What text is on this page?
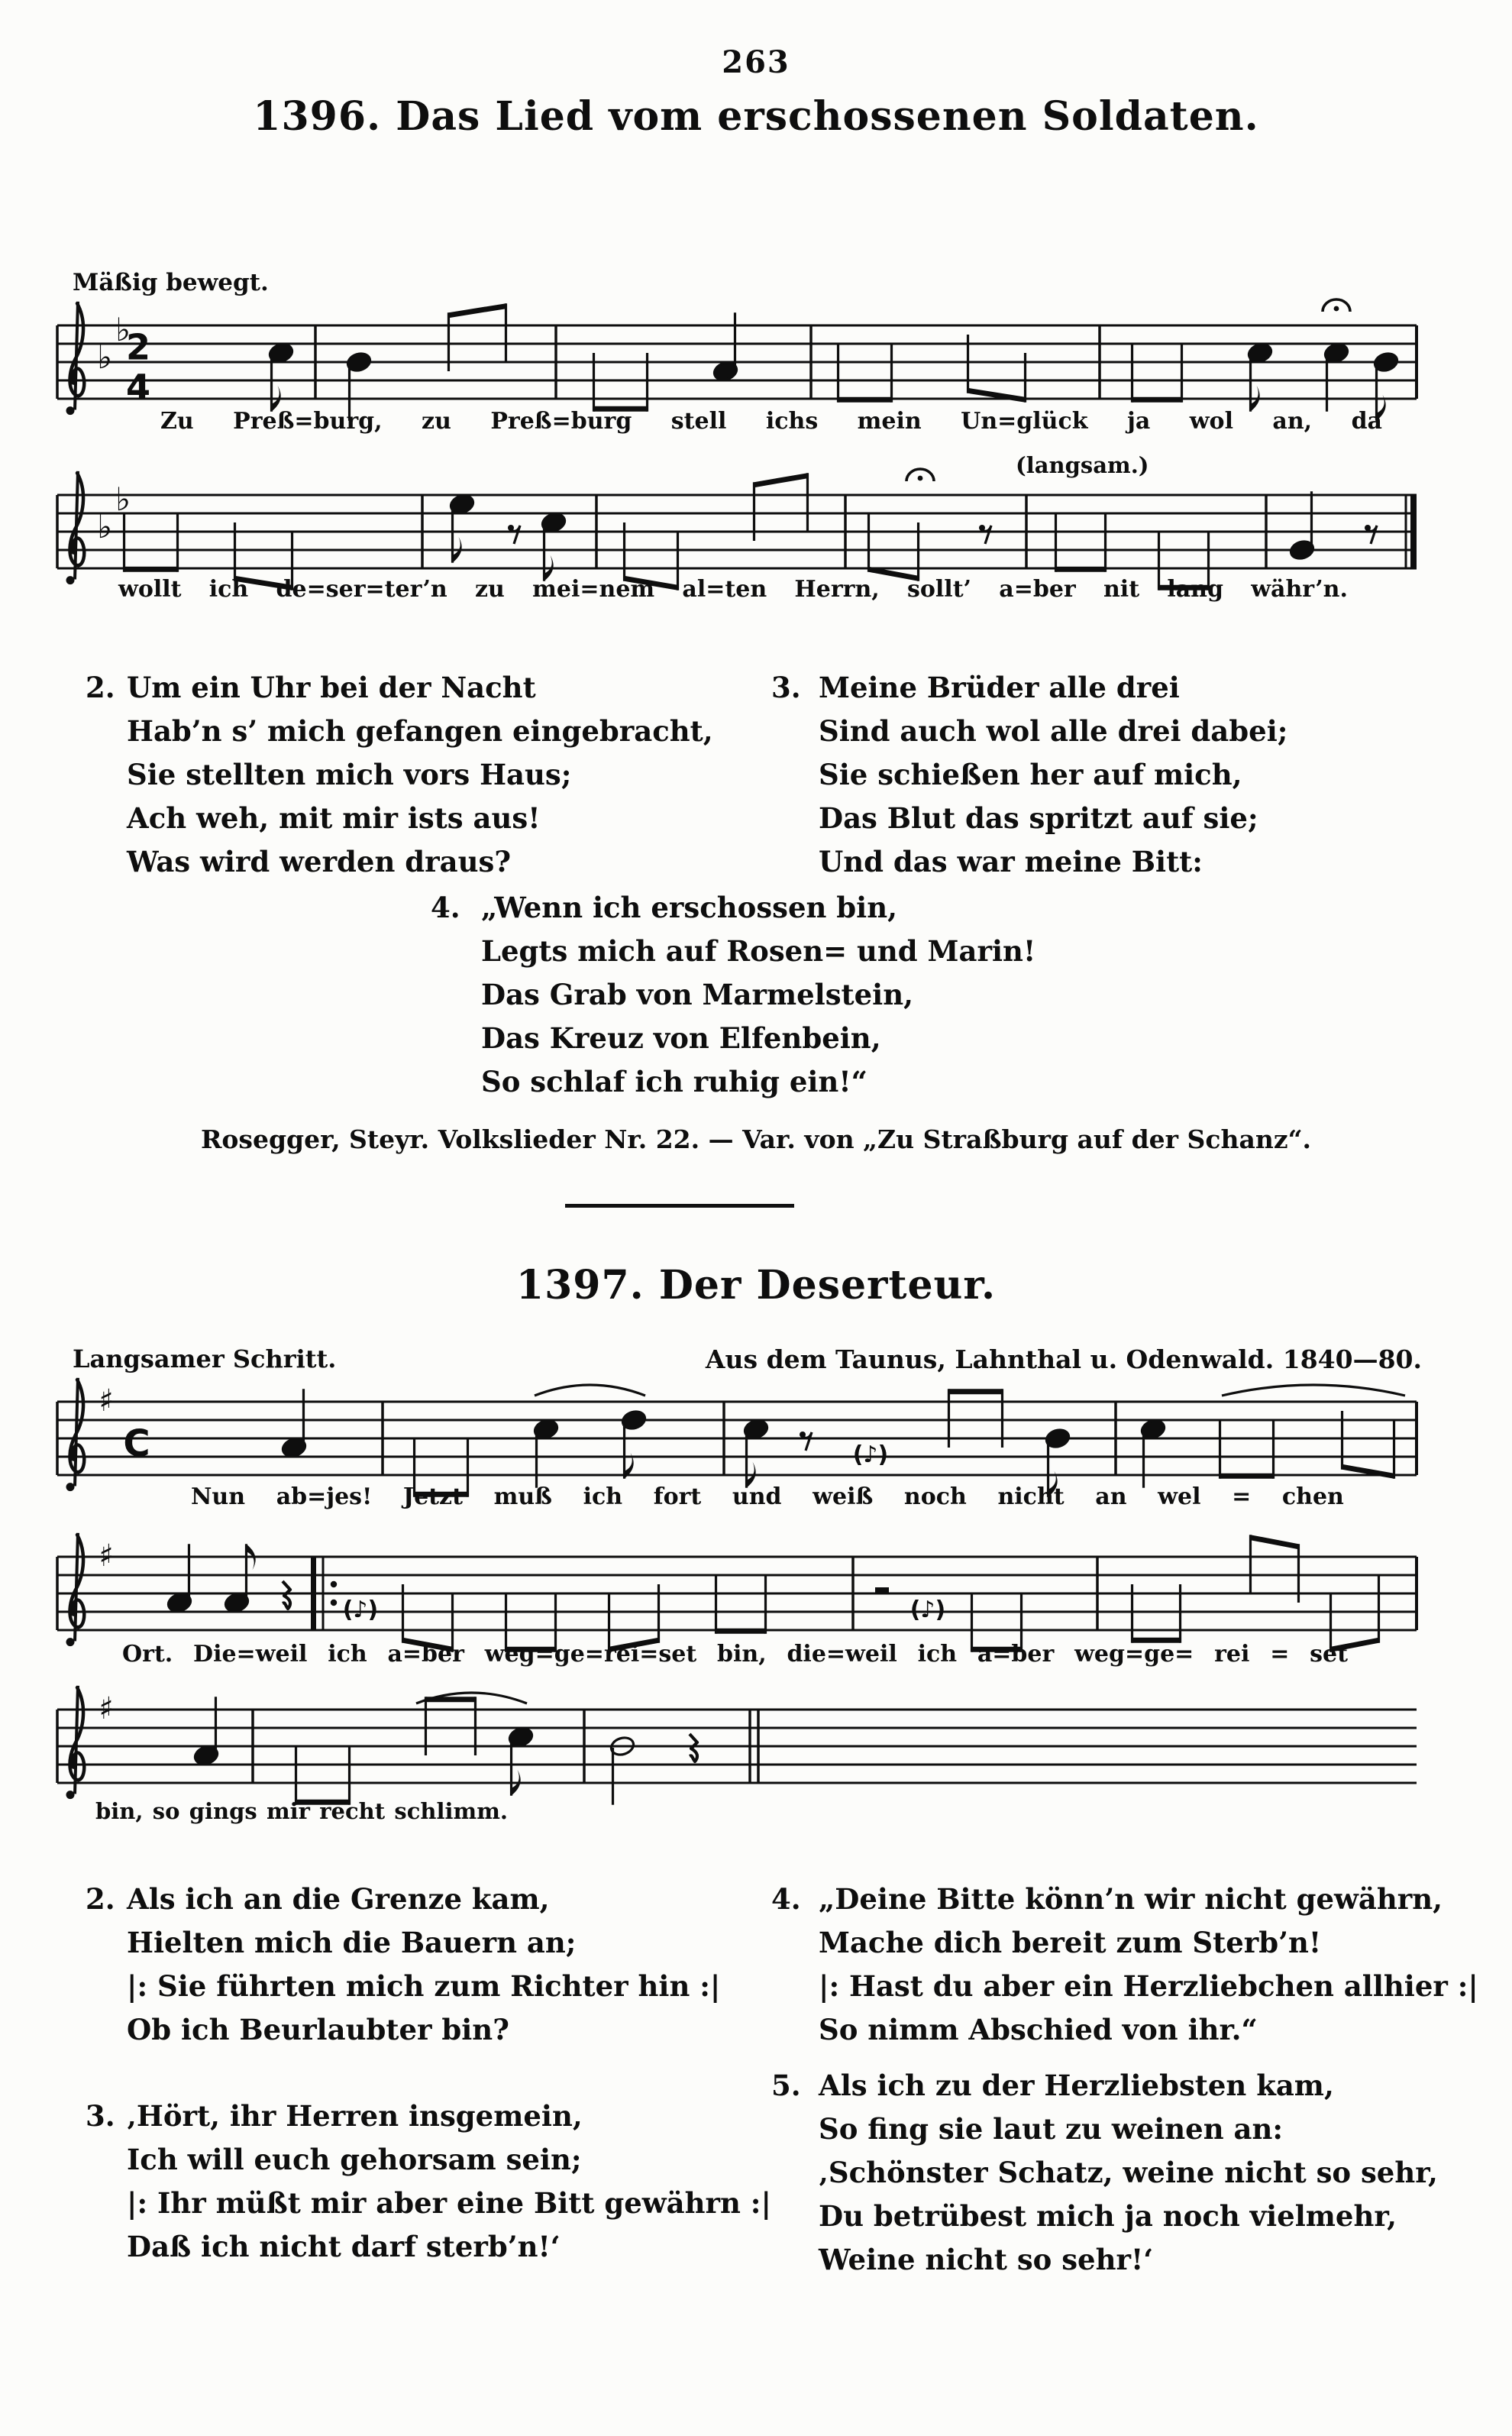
263
1396. Das Lied vom erschossenen Soldaten.
Mäßig bewegt.
♭
♭
2
4
♭
♭
♯
C	(♪)
♯
(♪)	(♪)
♯
(langsam.)
Zu Preß=burg, zu Preß=burg stell ichs mein Un=glück ja wol an, da
wollt ich de=ser=ter’n zu mei=nem al=ten Herrn, sollt’ a=ber nit lang währ’n.
Nun ab=jes! Jetzt muß ich fort und weiß noch nicht an wel = chen
Ort. Die=weil ich a=ber weg=ge=rei=set bin, die=weil ich a=ber weg=ge= rei = set
bin, so gings mir recht schlimm.
2. Um ein Uhr bei der Nacht
Hab’n s’ mich gefangen eingebracht,
Sie stellten mich vors Haus;
Ach weh, mit mir ists aus!
Was wird werden draus?
3. Meine Brüder alle drei
Sind auch wol alle drei dabei;
Sie schießen her auf mich,
Das Blut das spritzt auf sie;
Und das war meine Bitt:
4. „Wenn ich erschossen bin,
Legts mich auf Rosen= und Marin!
Das Grab von Marmelstein,
Das Kreuz von Elfenbein,
So schlaf ich ruhig ein!“
2. Als ich an die Grenze kam,
Hielten mich die Bauern an;
|: Sie führten mich zum Richter hin :|
Ob ich Beurlaubter bin?
3. ‚Hört, ihr Herren insgemein,
Ich will euch gehorsam sein;
|: Ihr müßt mir aber eine Bitt gewährn :|
Daß ich nicht darf sterb’n!‘
4. „Deine Bitte könn’n wir nicht gewährn,
Mache dich bereit zum Sterb’n!
|: Hast du aber ein Herzliebchen allhier :|
So nimm Abschied von ihr.“
5. Als ich zu der Herzliebsten kam,
So fing sie laut zu weinen an:
‚Schönster Schatz, weine nicht so sehr,
Du betrübest mich ja noch vielmehr,
Weine nicht so sehr!‘
Rosegger, Steyr. Volkslieder Nr. 22. — Var. von „Zu Straßburg auf der Schanz“.
1397. Der Deserteur.
Langsamer Schritt.	Aus dem Taunus, Lahnthal u. Odenwald. 1840—80.
